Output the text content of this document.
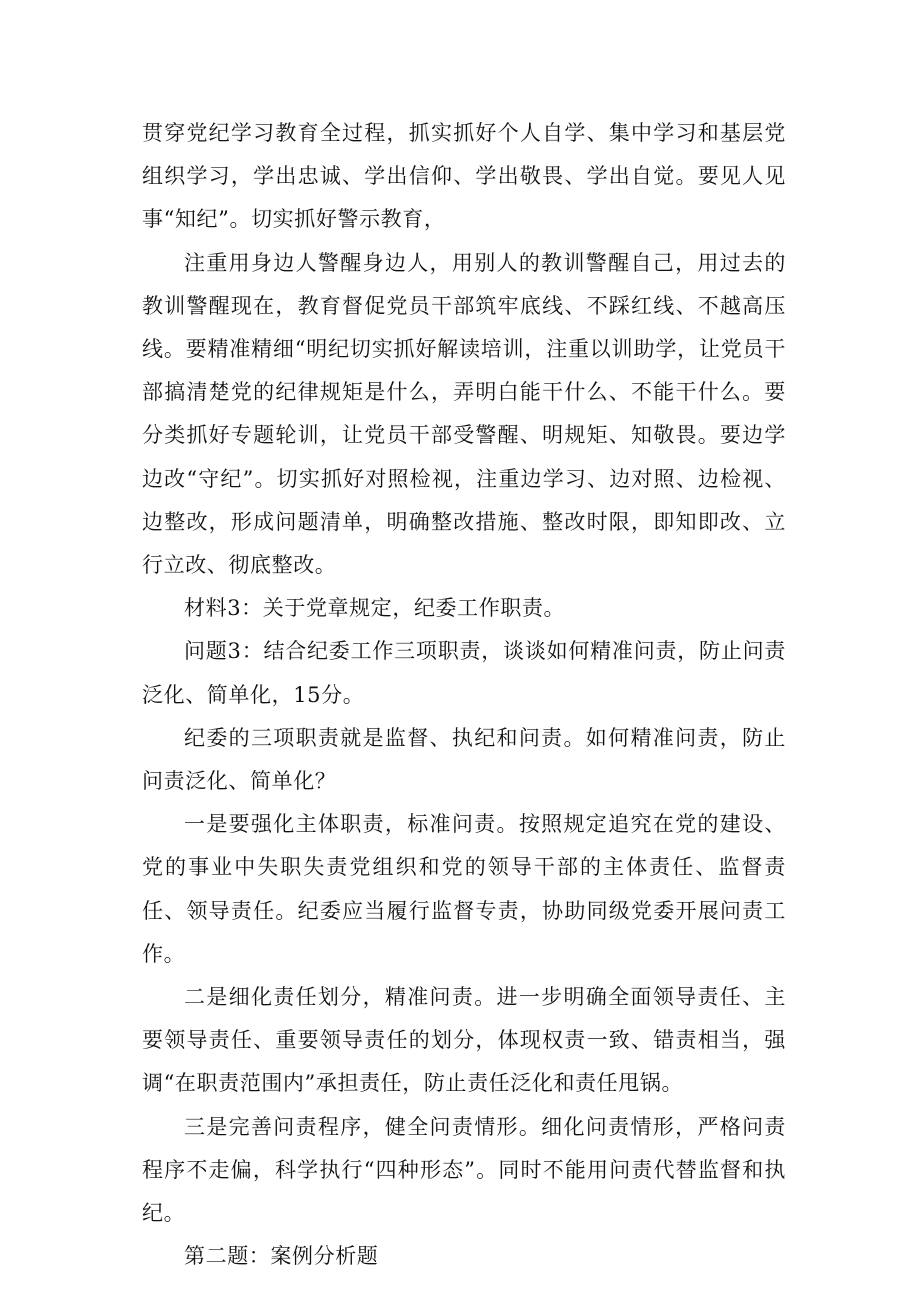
贯穿党纪学习教育全过程，抓实抓好个人自学、集中学习和基层党组织学习，学出忠诚、学出信仰、学出敬畏、学出自觉。要见人见事“知纪”。切实抓好警示教育，

注重用身边人警醒身边人，用别人的教训警醒自己，用过去的教训警醒现在，教育督促党员干部筑牢底线、不踩红线、不越高压线。要精准精细“明纪切实抓好解读培训，注重以训助学，让党员干部搞清楚党的纪律规矩是什么，弄明白能干什么、不能干什么。要分类抓好专题轮训，让党员干部受警醒、明规矩、知敬畏。要边学边改“守纪”。切实抓好对照检视，注重边学习、边对照、边检视、边整改，形成问题清单，明确整改措施、整改时限，即知即改、立行立改、彻底整改。

材料3：关于党章规定，纪委工作职责。

问题3：结合纪委工作三项职责，谈谈如何精准问责，防止问责泛化、简单化，15分。

纪委的三项职责就是监督、执纪和问责。如何精准问责，防止问责泛化、简单化？

一是要强化主体职责，标准问责。按照规定追究在党的建设、党的事业中失职失责党组织和党的领导干部的主体责任、监督责任、领导责任。纪委应当履行监督专责，协助同级党委开展问责工作。

二是细化责任划分，精准问责。进一步明确全面领导责任、主要领导责任、重要领导责任的划分，体现权责一致、错责相当，强调“在职责范围内”承担责任，防止责任泛化和责任甩锅。

三是完善问责程序，健全问责情形。细化问责情形，严格问责程序不走偏，科学执行“四种形态”。同时不能用问责代替监督和执纪。

第二题：案例分析题
